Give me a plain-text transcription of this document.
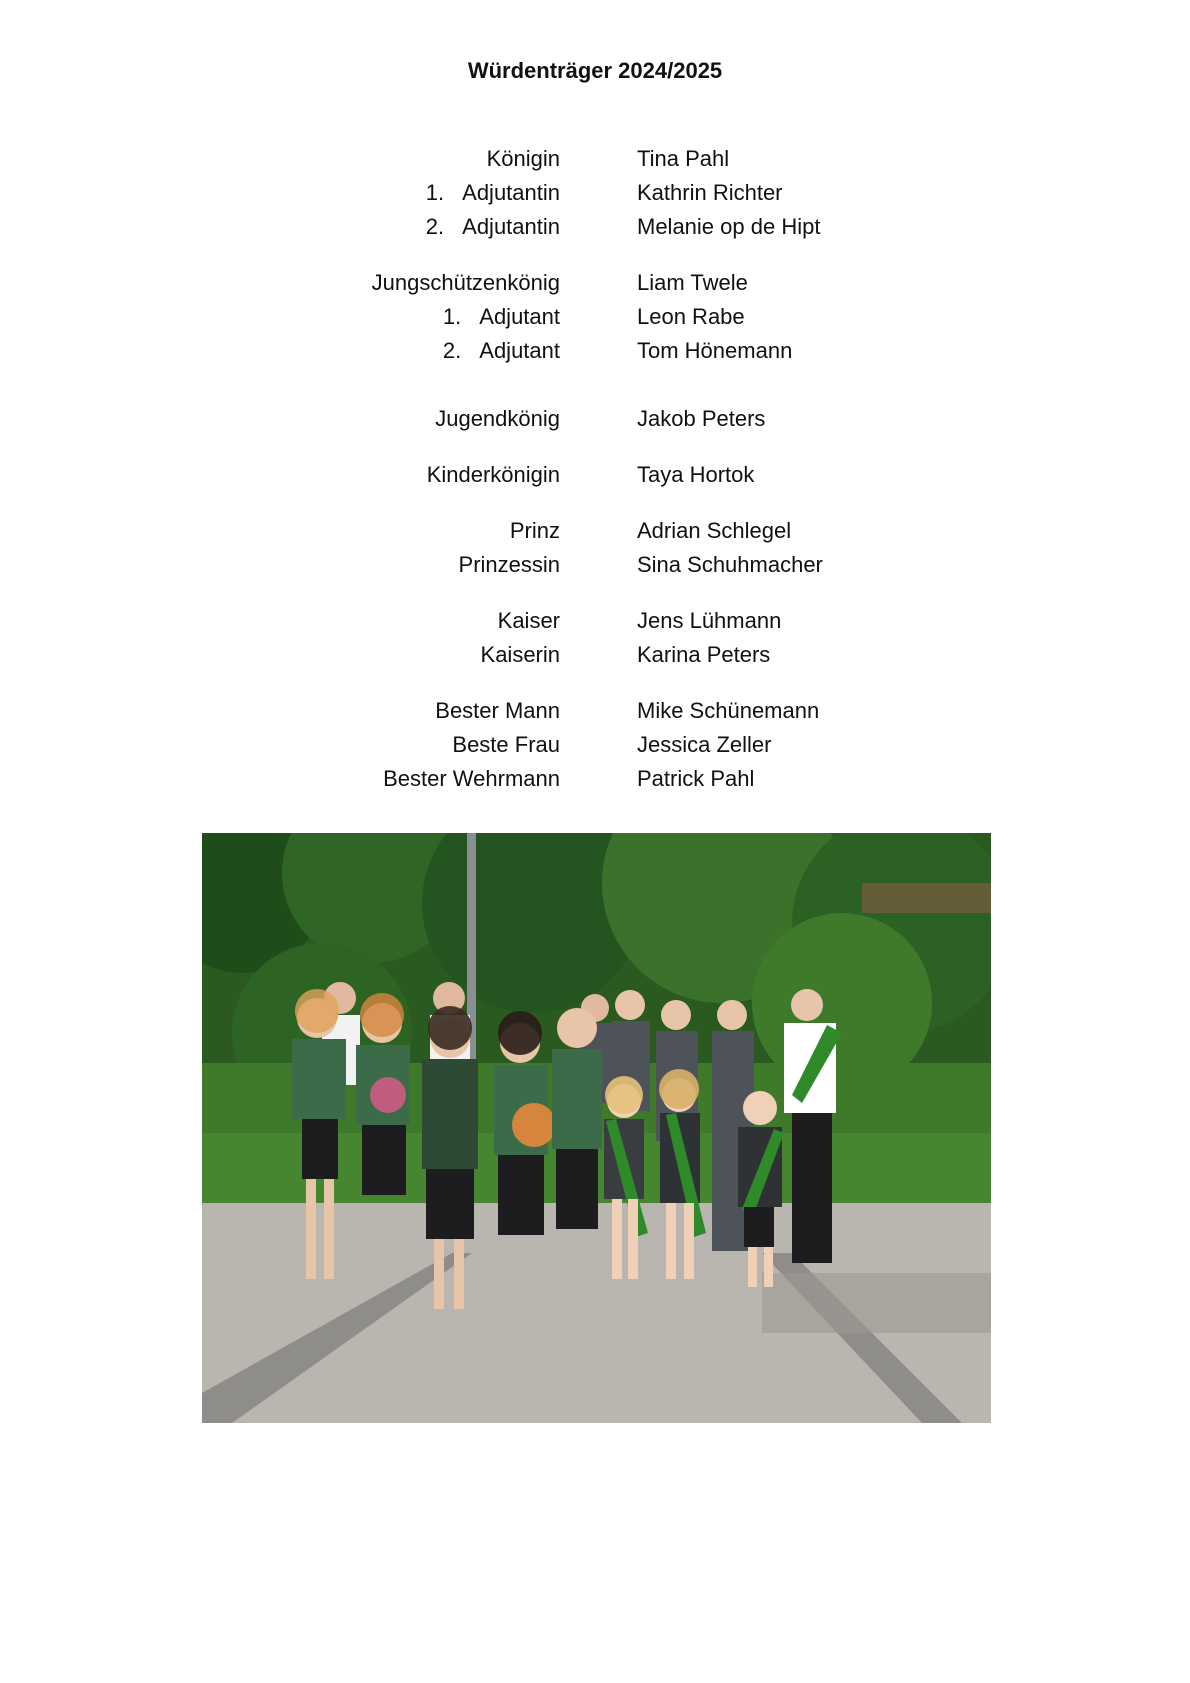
Würdenträger 2024/2025
Königin	Tina Pahl
1. Adjutantin	Kathrin Richter
2. Adjutantin	Melanie op de Hipt
Jungschützenkönig	Liam Twele
1. Adjutant	Leon Rabe
2. Adjutant	Tom Hönemann
Jugendkönig	Jakob Peters
Kinderkönigin	Taya Hortok
Prinz	Adrian Schlegel
Prinzessin	Sina Schuhmacher
Kaiser	Jens Lühmann
Kaiserin	Karina Peters
Bester Mann	Mike Schünemann
Beste Frau	Jessica Zeller
Bester Wehrmann	Patrick Pahl
